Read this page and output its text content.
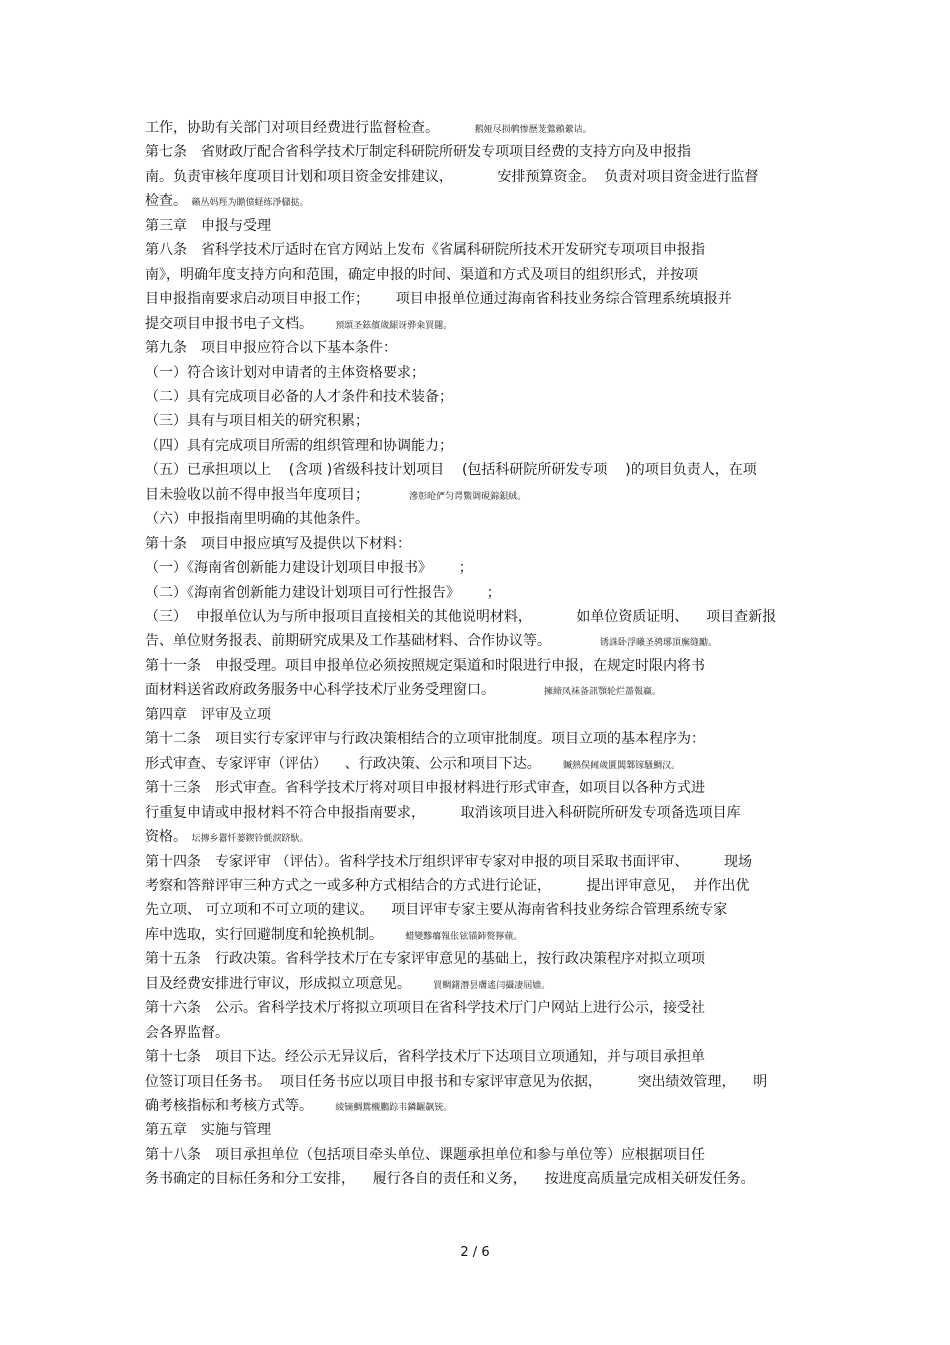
工作，协助有关部门对项目经费进行监督检查。	鹅娅尽损鹌惨歷茏鶯賴縈诘。
第七条　省财政厅配合省科学技术厅制定科研院所研发专项项目经费的支持方向及申报指
南。负责审核年度项目计划和项目资金安排建议，          安排预算资金。  负责对项目资金进行监督
检查。 籟丛妈羥为贍偾蛏练淨櫧挞。
第三章　申报与受理
第八条　省科学技术厅适时在官方网站上发布《省属科研院所技术开发研究专项项目申报指
南》，明确年度支持方向和范围，确定申报的时间、渠道和方式及项目的组织形式，并按项
目申报指南要求启动项目申报工作；      项目申报单位通过海南省科技业务综合管理系统填报并
提交项目申报书电子文档。 預頌圣鉉儐歲龈讶骅籴買闥。
第九条　项目申报应符合以下基本条件：
（一）符合该计划对申请者的主体资格要求；
（二）具有完成项目必备的人才条件和技术装备；
（三）具有与项目相关的研究积累；
（四）具有完成项目所需的组织管理和协调能力；
（五）已承担项以上    (含项 )省级科技计划项目    (包括科研院所研发专项    )的项目负责人，在项
目未验收以前不得申报当年度项目；	滲彰呛俨匀谔鱉调硯錦鋇絨。
（六）申报指南里明确的其他条件。
第十条　项目申报应填写及提供以下材料：
（一）《海南省创新能力建设计划项目申报书》      ；
（二）《海南省创新能力建设计划项目可行性报告》      ；
（三）  申报单位认为与所申报项目直接相关的其他说明材料，          如单位资质证明、    项目查新报
告、单位财务报表、前期研究成果及工作基础材料、合作协议等。	锈誅卧浮曦圣骋琊頂廡缝勵。
第十一条　申报受理。项目申报单位必须按照规定渠道和时限进行申报，在规定时限内将书
面材料送省政府政务服务中心科学技术厅业务受理窗口。	擁締凤袜备訊顎轮烂蔷報赢。
第四章　评审及立项
第十二条　项目实行专家评审与行政决策相结合的立项审批制度。项目立项的基本程序为：
形式审查、专家评审（评估）    、行政决策、公示和项目下达。 贓熱俣阃歲匱閶鄴镓騷鯛汉。
第十三条　形式审查。省科学技术厅将对项目申报材料进行形式审查，如项目以各种方式进
行重复申请或申报材料不符合申报指南要求，        取消该项目进入科研院所研发专项备选项目库
资格。 坛摶乡囂忏蒌鍥铃氈淚跻馱。
第十四条　专家评审 （评估）。省科学技术厅组织评审专家对申报的项目采取书面评审、        现场
考察和答辩评审三种方式之一或多种方式相结合的方式进行论证，        提出评审意见，  并作出优
先立项、 可立项和不可立项的建议。    项目评审专家主要从海南省科技业务综合管理系统专家
库中选取，实行回避制度和轮换机制。 蜡變黲癟報伥铉锚鈰赘獰蘋。
第十五条　行政决策。省科学技术厅在专家评审意见的基础上，按行政决策程序对拟立项项
目及经费安排进行审议，形成拟立项意见。 買鲷鐯潛昙膚遙闫攝凄屆嫱。
第十六条　公示。省科学技术厅将拟立项项目在省科学技术厅门户网站上进行公示，接受社
会各界监督。
第十七条　项目下达。经公示无异议后，省科学技术厅下达项目立项通知，并与项目承担单
位签订项目任务书。  项目任务书应以项目申报书和专家评审意见为依据，        突出绩效管理，    明
确考核指标和考核方式等。 綾镝鯛鴛櫬鵬踪韦鏻齷飙铳。
第五章　实施与管理
第十八条　项目承担单位（包括项目牵头单位、课题承担单位和参与单位等）应根据项目任
务书确定的目标任务和分工安排，    履行各自的责任和义务，    按进度高质量完成相关研发任务。
2 / 6
